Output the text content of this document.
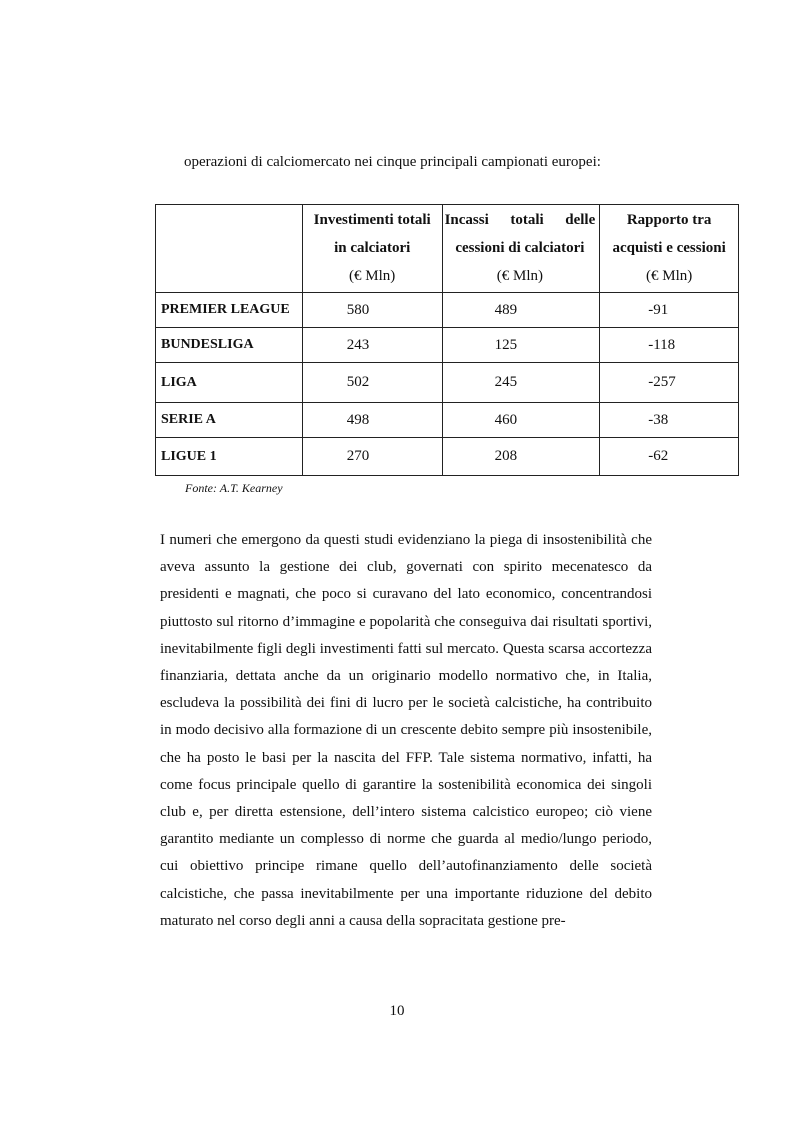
operazioni di calciomercato nei cinque principali campionati europei:

	Investimenti totali
in calciatori
(€ Mln)	Incassi totali delle
cessioni di calciatori
(€ Mln)	Rapporto tra
acquisti e cessioni
(€ Mln)

PREMIER LEAGUE	580	489	-91
BUNDESLIGA	243	125	-118
LIGA	502	245	-257
SERIE A	498	460	-38
LIGUE 1	270	208	-62
Fonte: A.T. Kearney

I numeri che emergono da questi studi evidenziano la piega di insostenibilità che aveva assunto la gestione dei club, governati con spirito mecenatesco da presidenti e magnati, che poco si curavano del lato economico, concentrandosi piuttosto sul ritorno d’immagine e popolarità che conseguiva dai risultati sportivi, inevitabilmente figli degli investimenti fatti sul mercato. Questa scarsa accortezza finanziaria, dettata anche da un originario modello normativo che, in Italia, escludeva la possibilità dei fini di lucro per le società calcistiche, ha contribuito in modo decisivo alla formazione di un crescente debito sempre più insostenibile, che ha posto le basi per la nascita del FFP. Tale sistema normativo, infatti, ha come focus principale quello di garantire la sostenibilità economica dei singoli club e, per diretta estensione, dell’intero sistema calcistico europeo; ciò viene garantito mediante un complesso di norme che guarda al medio/lungo periodo, cui obiettivo principe rimane quello dell’autofinanziamento delle società calcistiche, che passa inevitabilmente per una importante riduzione del debito maturato nel corso degli anni a causa della sopracitata gestione pre-

10
